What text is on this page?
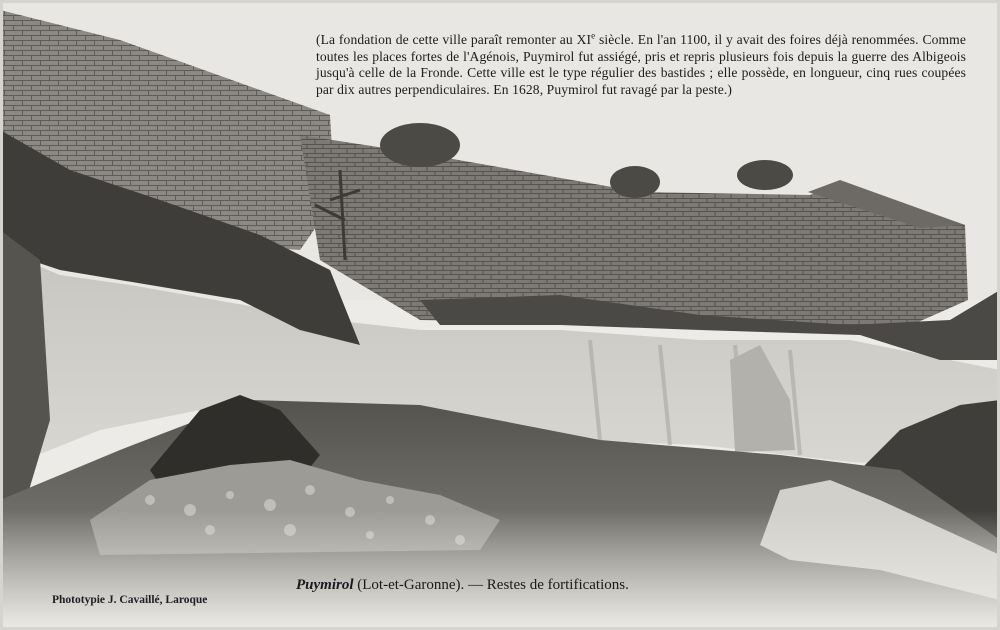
(La fondation de cette ville paraît remonter au XIe siècle. En l'an 1100, il y avait des foires déjà renommées. Comme toutes les places fortes de l'Agénois, Puymirol fut assiégé, pris et repris plusieurs fois depuis la guerre des Albigeois jusqu'à celle de la Fronde. Cette ville est le type régulier des bastides ; elle possède, en longueur, cinq rues coupées par dix autres perpendiculaires. En 1628, Puymirol fut ravagé par la peste.)
Puymirol (Lot-et-Garonne). — Restes de fortifications.
Phototypie J. Cavaillé, Laroque
